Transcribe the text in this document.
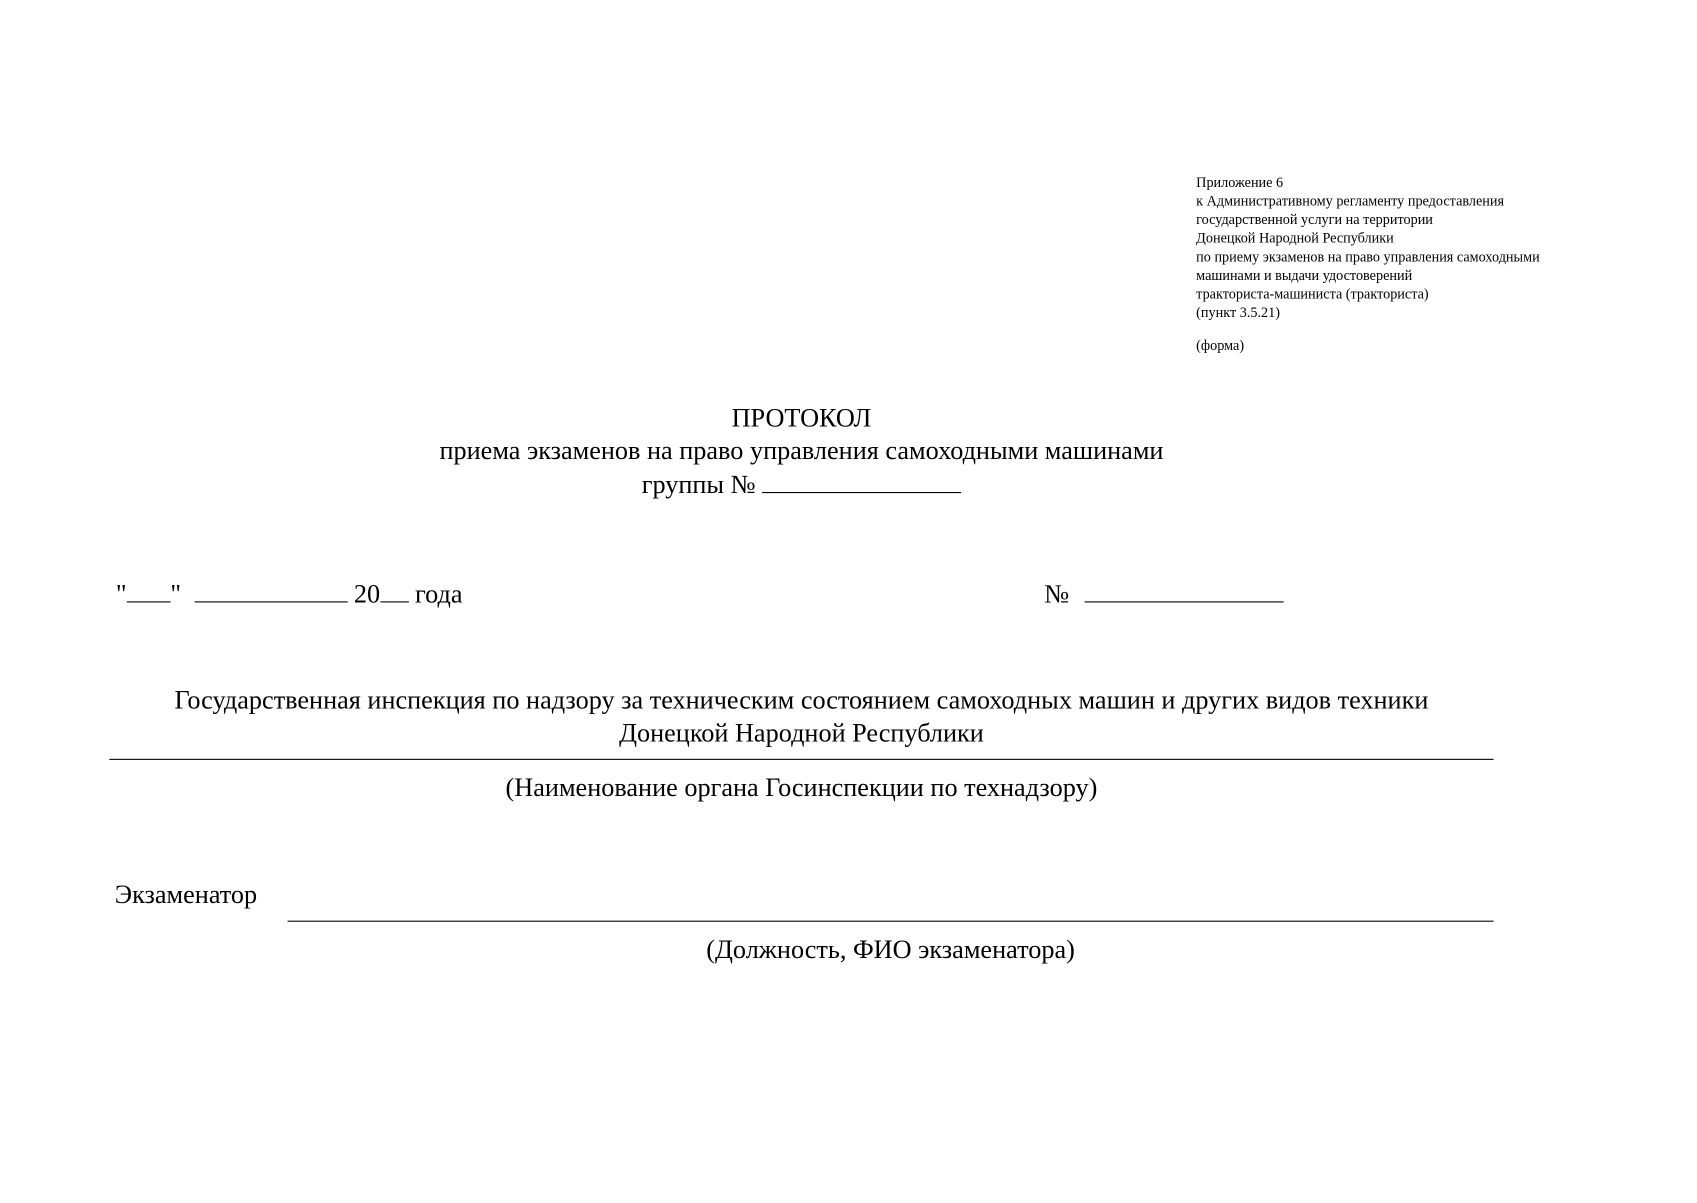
Приложение 6
к Административному регламенту предоставления
государственной услуги на территории
Донецкой Народной Республики
по приему экзаменов на право управления самоходными
машинами и выдачи удостоверений
тракториста-машиниста (тракториста)
(пункт 3.5.21)
(форма)
ПРОТОКОЛ
приема экзаменов на право управления самоходными машинами
группы №
" "	20 года	№
Государственная инспекция по надзору за техническим состоянием самоходных машин и других видов техники
Донецкой Народной Республики
(Наименование органа Госинспекции по технадзору)
Экзаменатор
(Должность, ФИО экзаменатора)
